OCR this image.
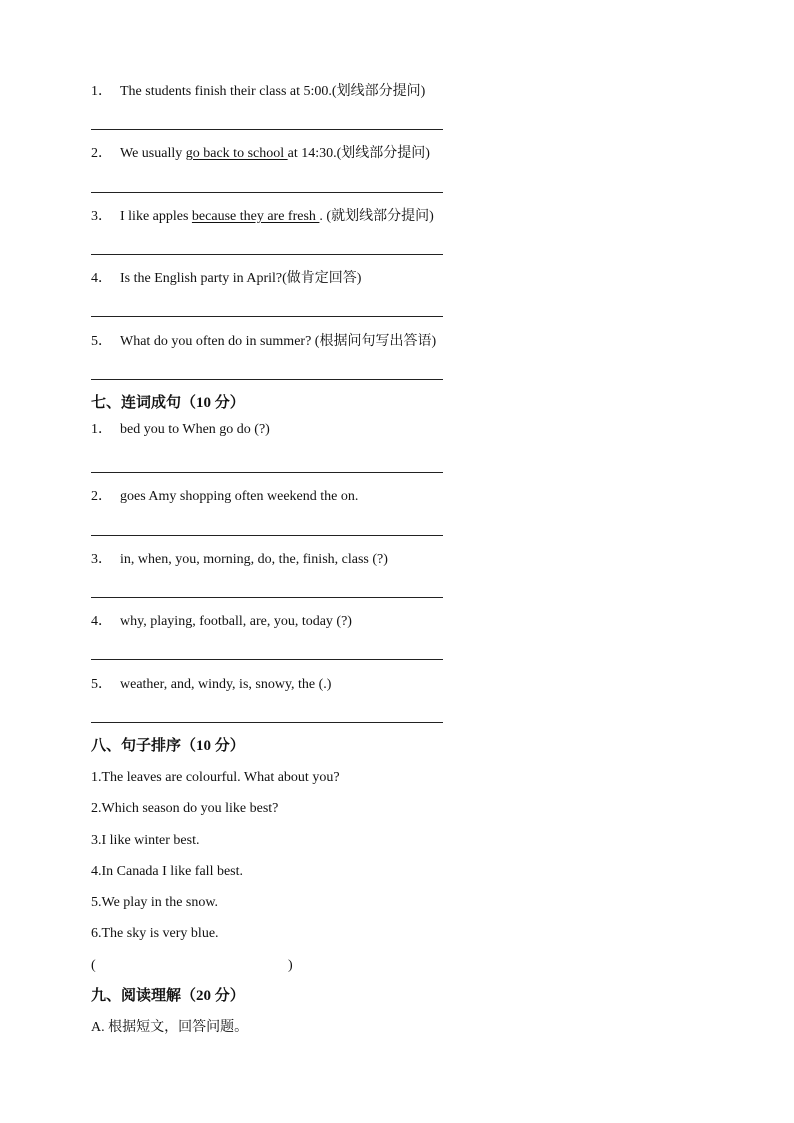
1． The students finish their class at 5:00.(划线部分提问)
2． We usually go back to school at 14:30.(划线部分提问)
3． I like apples because they are fresh . (就划线部分提问)
4． Is the English party in April?(做肯定回答)
5． What do you often do in summer? (根据问句写出答语)
七、连词成句（10 分）
1． bed you to When go do (?)
2． goes Amy shopping often weekend the on.
3． in, when, you, morning, do, the, finish, class (?)
4． why, playing, football, are, you, today (?)
5． weather, and, windy, is, snowy, the (.)
八、句子排序（10 分）
1.The leaves are colourful. What about you?
2.Which season do you like best?
3.I like winter best.
4.In Canada I like fall best.
5.We play in the snow.
6.The sky is very blue.
(	)
九、阅读理解（20 分）
A. 根据短文，回答问题。
